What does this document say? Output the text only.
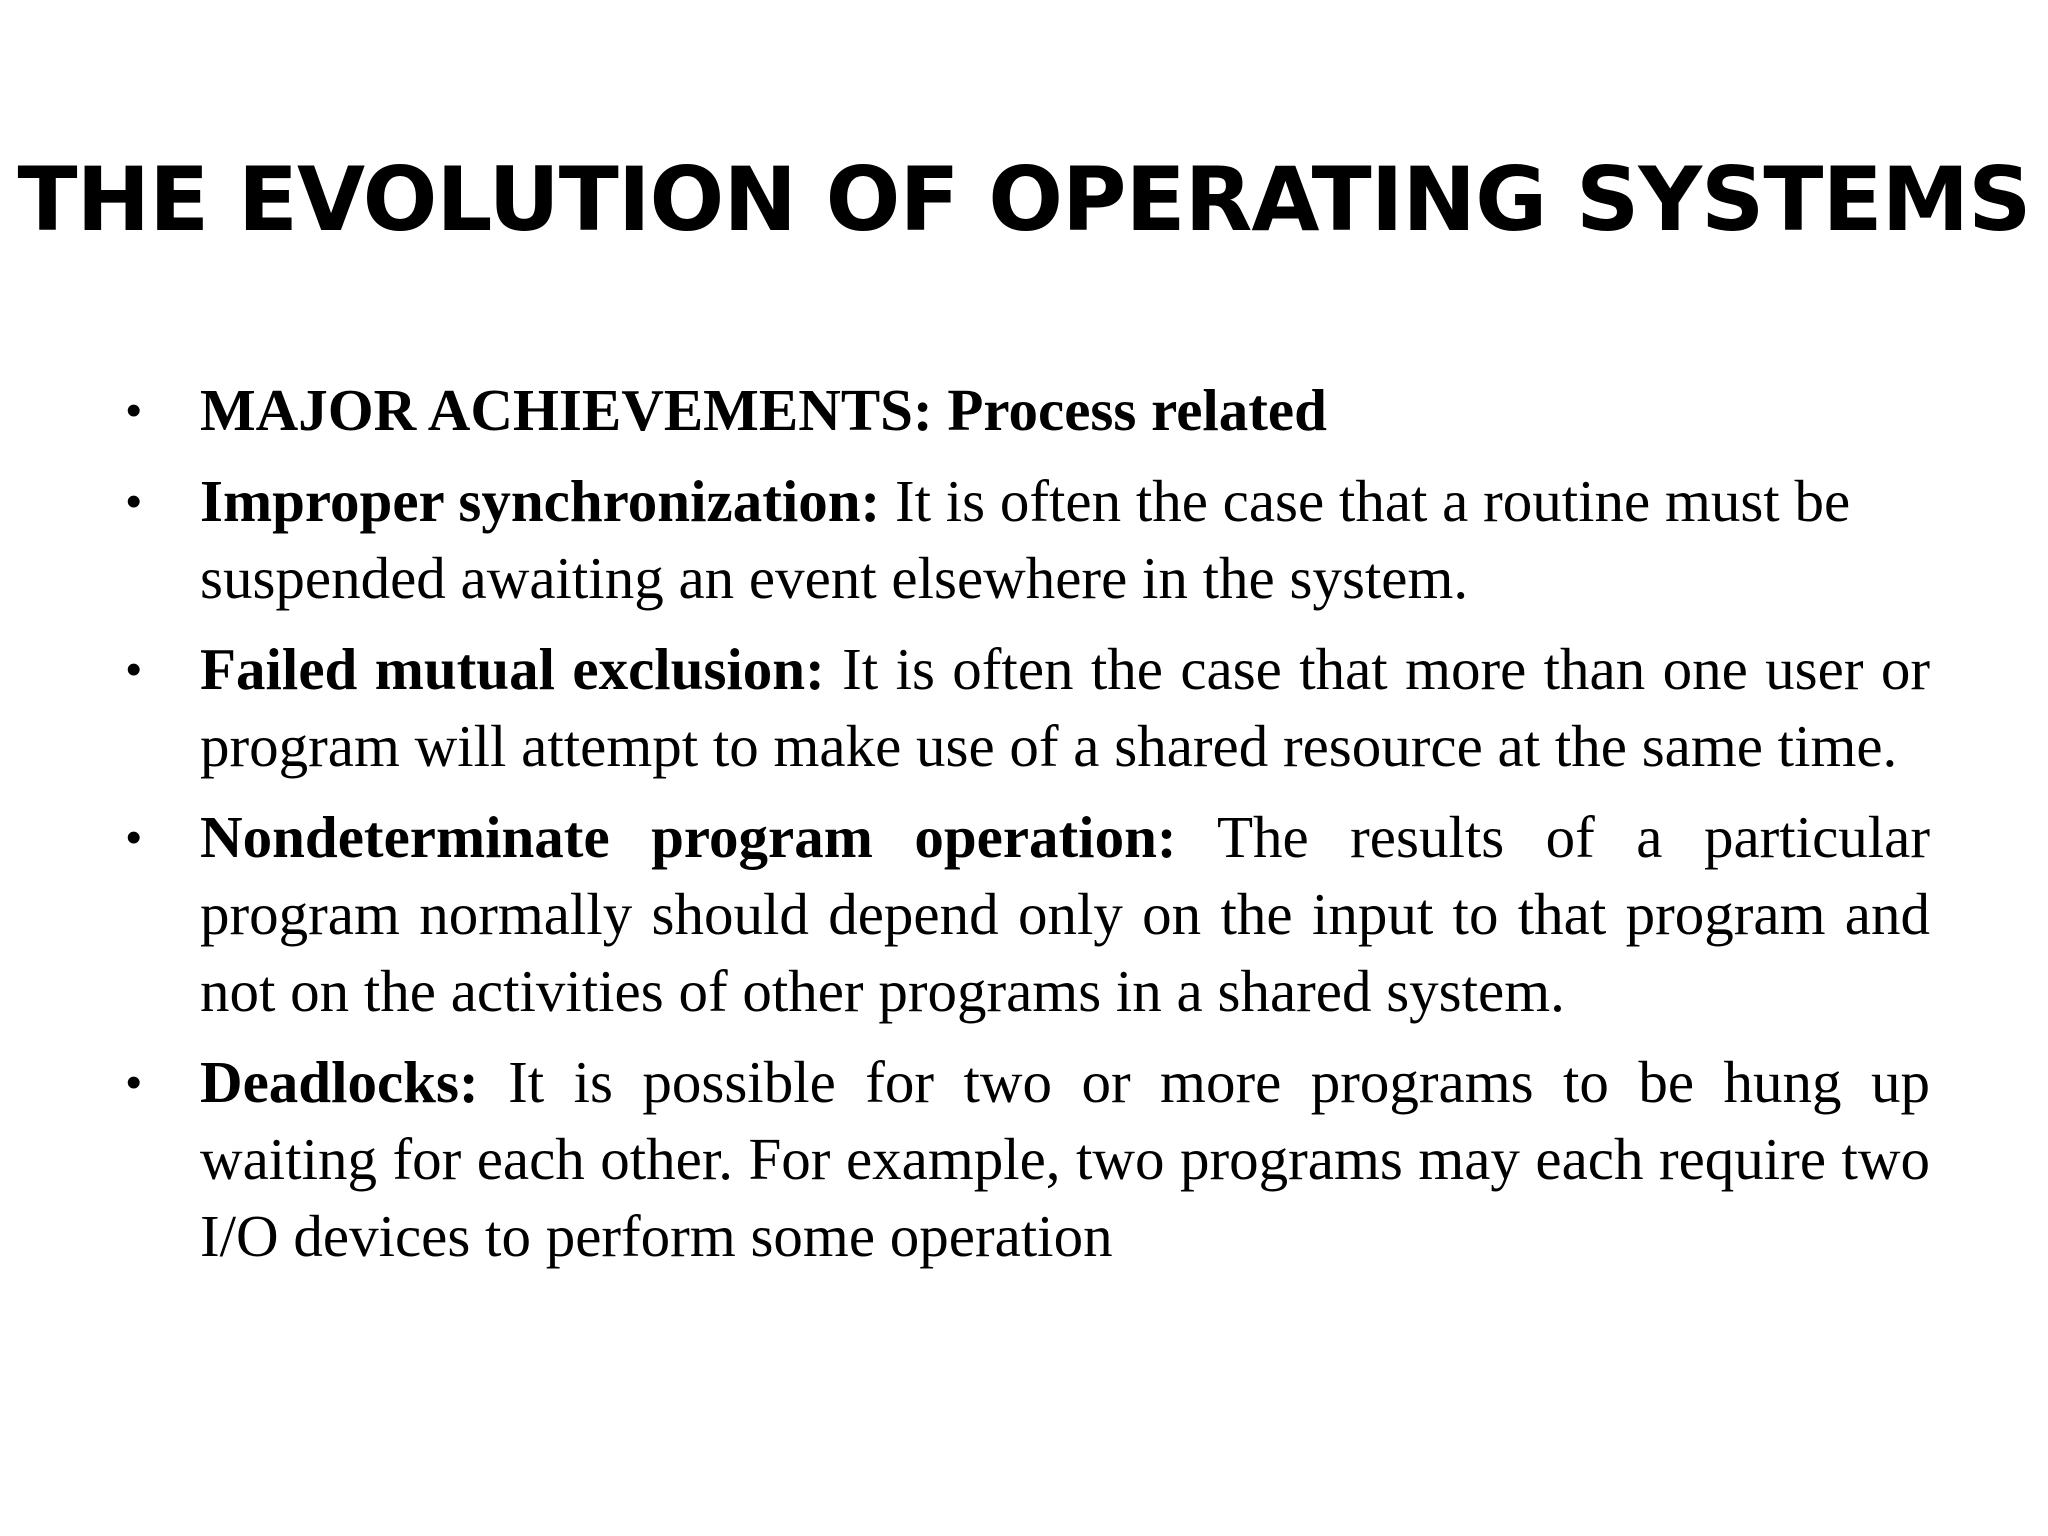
THE EVOLUTION OF OPERATING SYSTEMS
• MAJOR ACHIEVEMENTS: Process related
• Improper synchronization: It is often the case that a routine must be suspended awaiting an event elsewhere in the system.
• Failed mutual exclusion: It is often the case that more than one user or program will attempt to make use of a shared resource at the same time.
• Nondeterminate program operation: The results of a particular program normally should depend only on the input to that program and not on the activities of other programs in a shared system.
• Deadlocks: It is possible for two or more programs to be hung up waiting for each other. For example, two programs may each require two I/O devices to perform some operation
